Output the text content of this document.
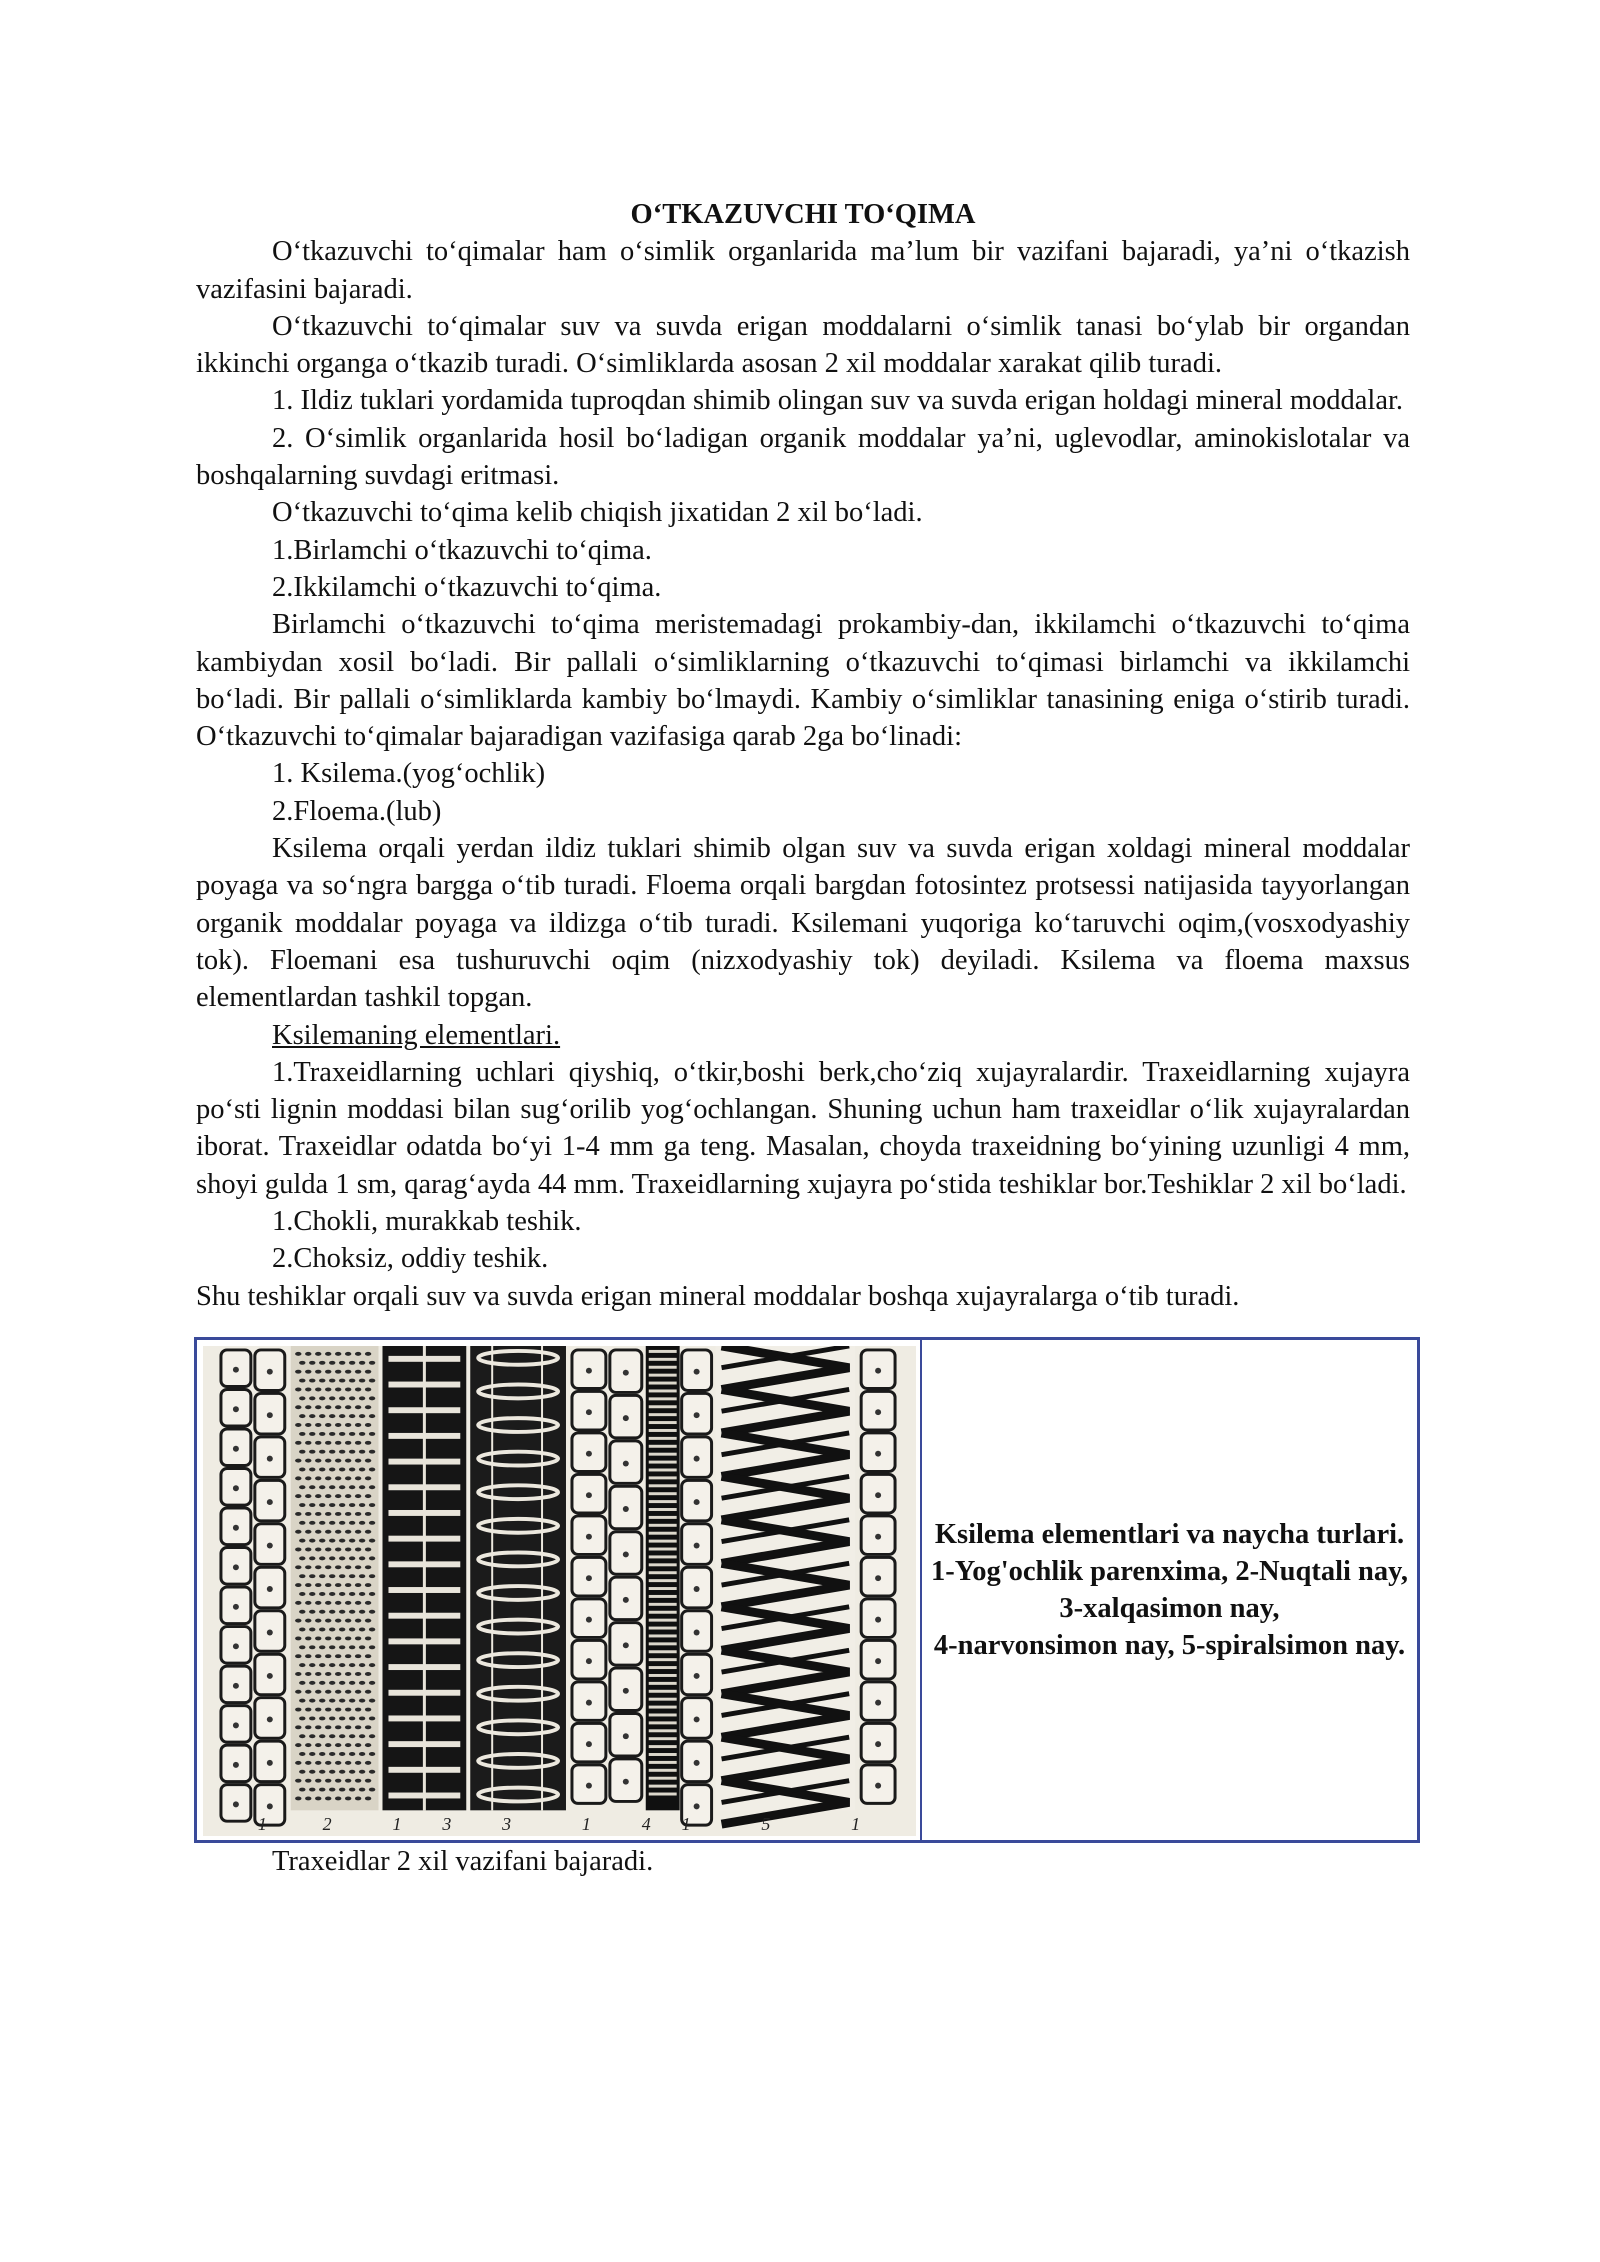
O‘TKAZUVCHI TO‘QIMA

O‘tkazuvchi to‘qimalar ham o‘simlik organlarida ma’lum bir vazifani bajaradi, ya’ni o‘tkazish vazifasini bajaradi.

O‘tkazuvchi to‘qimalar suv va suvda erigan moddalarni o‘simlik tanasi bo‘ylab bir organdan ikkinchi organga o‘tkazib turadi. O‘simliklarda asosan 2 xil moddalar xarakat qilib turadi.

1. Ildiz tuklari yordamida tuproqdan shimib olingan suv va suvda erigan holdagi mineral moddalar.

2. O‘simlik organlarida hosil bo‘ladigan organik moddalar ya’ni, uglevodlar, aminokislotalar va boshqalarning suvdagi eritmasi.

O‘tkazuvchi to‘qima kelib chiqish jixatidan 2 xil bo‘ladi.

1.Birlamchi o‘tkazuvchi to‘qima.

2.Ikkilamchi o‘tkazuvchi to‘qima.

Birlamchi o‘tkazuvchi to‘qima meristemadagi prokambiy-dan, ikkilamchi o‘tkazuvchi to‘qima kambiydan xosil bo‘ladi. Bir pallali o‘simliklarning o‘tkazuvchi to‘qimasi birlamchi va ikkilamchi bo‘ladi. Bir pallali o‘simliklarda kambiy bo‘lmaydi. Kambiy o‘simliklar tanasining eniga o‘stirib turadi. O‘tkazuvchi to‘qimalar bajaradigan vazifasiga qarab 2ga bo‘linadi:

1. Ksilema.(yog‘ochlik)

2.Floema.(lub)

Ksilema orqali yerdan ildiz tuklari shimib olgan suv va suvda erigan xoldagi mineral moddalar poyaga va so‘ngra bargga o‘tib turadi. Floema orqali bargdan fotosintez protsessi natijasida tayyorlangan organik moddalar poyaga va ildizga o‘tib turadi. Ksilemani yuqoriga ko‘taruvchi oqim,(vosxodyashiy tok). Floemani esa tushuruvchi oqim (nizxodyashiy tok) deyiladi. Ksilema va floema maxsus elementlardan tashkil topgan.

Ksilemaning elementlari.

1.Traxeidlarning uchlari qiyshiq, o‘tkir,boshi berk,cho‘ziq xujayralardir. Traxeidlarning xujayra po‘sti lignin moddasi bilan sug‘orilib yog‘ochlangan. Shuning uchun ham traxeidlar o‘lik xujayralardan iborat. Traxeidlar odatda bo‘yi 1-4 mm ga teng. Masalan, choyda traxeidning bo‘yining uzunligi 4 mm, shoyi gulda 1 sm, qarag‘ayda 44 mm. Traxeidlarning xujayra po‘stida teshiklar bor.Teshiklar 2 xil bo‘ladi.

1.Chokli, murakkab teshik.

2.Choksiz, oddiy teshik.

Shu teshiklar orqali suv va suvda erigan mineral moddalar boshqa xujayralarga o‘tib turadi.

1	2	1 3	3	1	4 1	5	1
Ksilema elementlari va naycha turlari.
1-Yog'ochlik parenxima, 2-Nuqtali nay, 3-xalqasimon nay,
4-narvonsimon nay, 5-spiralsimon nay.

Traxeidlar 2 xil vazifani bajaradi.
